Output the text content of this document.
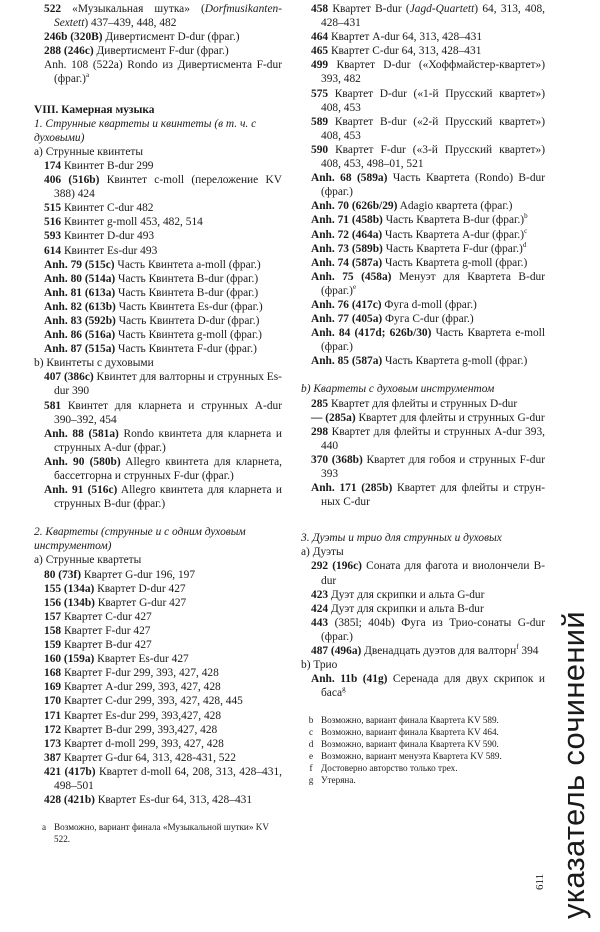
522 «Музыкальная шутка» (Dorfmusikanten-Sextett) 437–439, 448, 482
246b (320B) Дивертисмент D-dur (фраг.)
288 (246c) Дивертисмент F-dur (фраг.)
Anh. 108 (522a) Rondo из Дивертисмента F-dur (фраг.)$^а$
VIII. Камерная музыка
1. Струнные квартеты и квинтеты (в т. ч. с духовыми)
a) Струнные квинтеты
174 Квинтет B-dur 299
406 (516b) Квинтет с-moll (переложение KV 388) 424
515 Квинтет C-dur 482
516 Квинтет g-moll 453, 482, 514
593 Квинтет D-dur 493
614 Квинтет Es-dur 493
Anh. 79 (515c) Часть Квинтета a-moll (фраг.)
Anh. 80 (514a) Часть Квинтета B-dur (фраг.)
Anh. 81 (613a) Часть Квинтета B-dur (фраг.)
Anh. 82 (613b) Часть Квинтета Es-dur (фраг.)
Anh. 83 (592b) Часть Квинтета D-dur (фраг.)
Anh. 86 (516a) Часть Квинтета g-moll (фраг.)
Anh. 87 (515a) Часть Квинтета F-dur (фраг.)
b) Квинтеты с духовыми
407 (386c) Квинтет для валторны и струнных Es-dur 390
581 Квинтет для кларнета и струнных A-dur 390–392, 454
Anh. 88 (581a) Rondo квинтета для кларнета и струнных A-dur (фраг.)
Anh. 90 (580b) Allegro квинтета для кларнета, бассетгорна и струнных F-dur (фраг.)
Anh. 91 (516c) Allegro квинтета для кларнета и струнных B-dur (фраг.)
2. Квартеты (струнные и с одним духовым инструментом)
a) Струнные квартеты
80 (73f) Квартет G-dur 196, 197
155 (134a) Квартет D-dur 427
156 (134b) Квартет G-dur 427
157 Квартет C-dur 427
158 Квартет F-dur 427
159 Квартет B-dur 427
160 (159a) Квартет Es-dur 427
168 Квартет F-dur 299, 393, 427, 428
169 Квартет A-dur 299, 393, 427, 428
170 Квартет C-dur 299, 393, 427, 428, 445
171 Квартет Es-dur 299, 393,427, 428
172 Квартет B-dur 299, 393,427, 428
173 Квартет d-moll 299, 393, 427, 428
387 Квартет G-dur 64, 313, 428-431, 522
421 (417b) Квартет d-moll 64, 208, 313, 428–431, 498–501
428 (421b) Квартет Es-dur 64, 313, 428–431
a Возможно, вариант финала «Музыкальной шутки» KV 522.
458 Квартет B-dur (Jagd-Quartett) 64, 313, 408, 428–431
464 Квартет A-dur 64, 313, 428–431
465 Квартет C-dur 64, 313, 428–431
499 Квартет D-dur («Хоффмайстер-квартет») 393, 482
575 Квартет D-dur («1-й Прусский квартет») 408, 453
589 Квартет B-dur («2-й Прусский квартет») 408, 453
590 Квартет F-dur («3-й Прусский квартет») 408, 453, 498–01, 521
Anh. 68 (589a) Часть Квартета (Rondo) B-dur (фраг.)
Anh. 70 (626b/29) Adagio квартета (фраг.)
Anh. 71 (458b) Часть Квартета B-dur (фраг.)$^b$
Anh. 72 (464a) Часть Квартета A-dur (фраг.)$^c$
Anh. 73 (589b) Часть Квартета F-dur (фраг.)$^d$
Anh. 74 (587a) Часть Квартета g-moll (фраг.)
Anh. 75 (458a) Менуэт для Квартета B-dur (фраг.)$^e$
Anh. 76 (417c) Фуга d-moll (фраг.)
Anh. 77 (405a) Фуга C-dur (фраг.)
Anh. 84 (417d; 626b/30) Часть Квартета e-moll (фраг.)
Anh. 85 (587a) Часть Квартета g-moll (фраг.)
b) Квартеты с духовым инструментом
285 Квартет для флейты и струнных D-dur
— (285a) Квартет для флейты и струнных G-dur
298 Квартет для флейты и струнных A-dur 393, 440
370 (368b) Квартет для гобоя и струнных F-dur 393
Anh. 171 (285b) Квартет для флейты и струнных C-dur
3. Дуэты и трио для струнных и духовых
a) Дуэты
292 (196c) Соната для фагота и виолончели B-dur
423 Дуэт для скрипки и альта G-dur
424 Дуэт для скрипки и альта B-dur
443 (385l; 404b) Фуга из Трио-сонаты G-dur (фраг.)
487 (496a) Двенадцать дуэтов для валторн$^f$ 394
b) Трио
Anh. 11b (41g) Серенада для двух скрипок и баса$^g$
b Возможно, вариант финала Квартета KV 589.
c Возможно, вариант финала Квартета KV 464.
d Возможно, вариант финала Квартета KV 590.
e Возможно, вариант менуэта Квартета KV 589.
f Достоверно авторство только трех.
g Утеряна.	указатель сочинений
611
